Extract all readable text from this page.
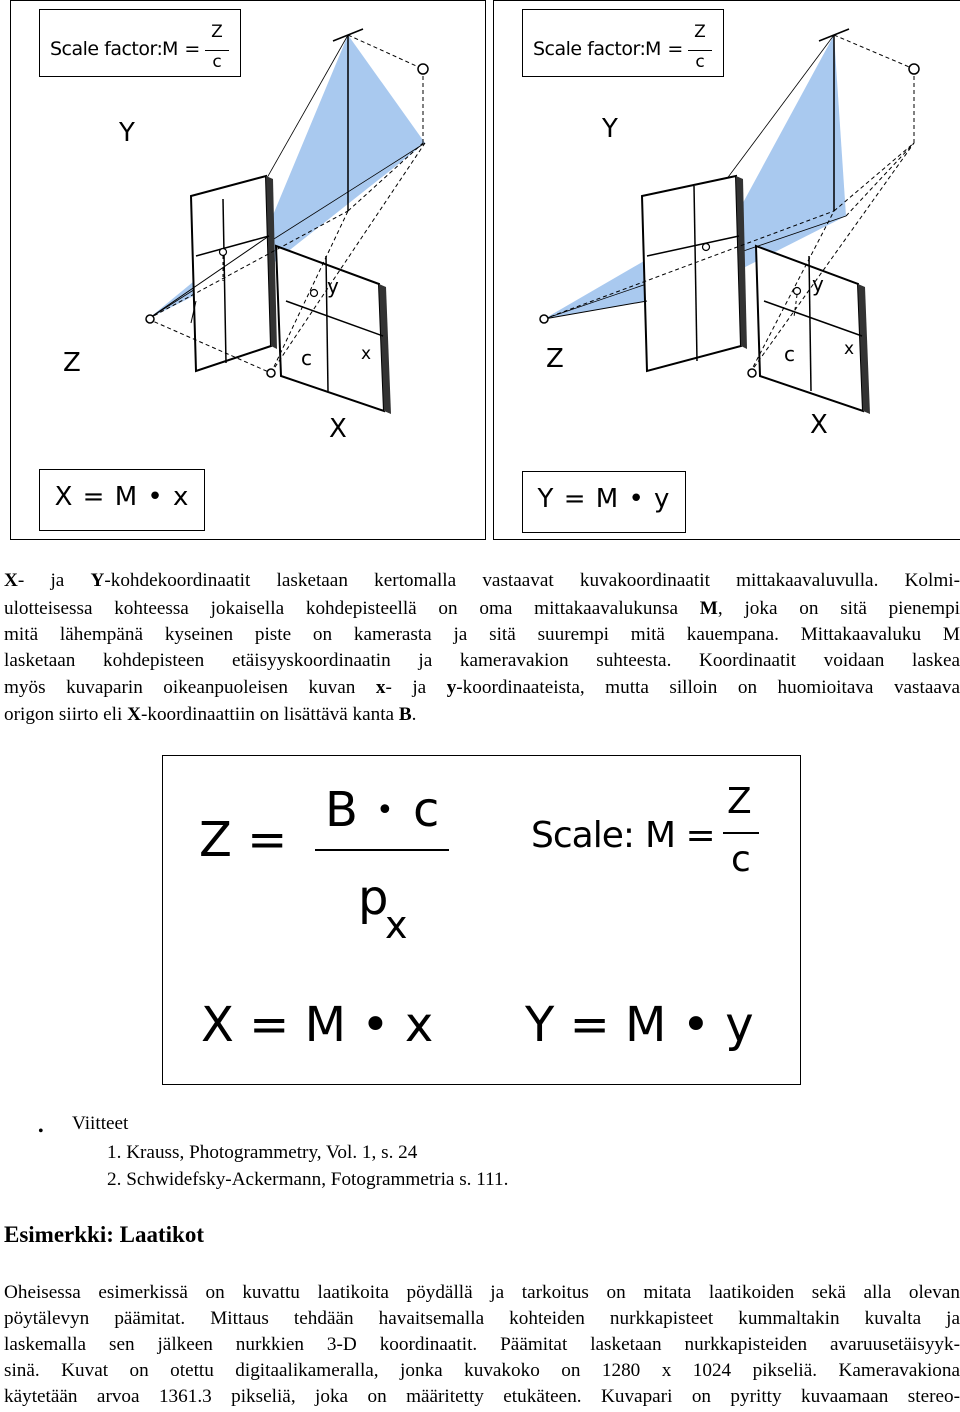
Scale factor: M =
Z
c
Y
Z
X
y
c	x
X = M • x
Scale factor: M =
Z
c
Y
Z
X
y
c	x
Y = M • y

X- ja Y-kohdekoordinaatit lasketaan kertomalla vastaavat kuvakoordinaatit mittakaavaluvulla. Kolmi-

ulotteisessa kohteessa jokaisella kohdepisteellä on oma mittakaavalukunsa M, joka on sitä pienempi

mitä lähempänä kyseinen piste on kamerasta ja sitä suurempi mitä kauempana. Mittakaavaluku M

lasketaan kohdepisteen etäisyyskoordinaatin ja kameravakion suhteesta. Koordinaatit voidaan laskea

myös kuvaparin oikeanpuoleisen kuvan x- ja y-koordinaateista, mutta silloin on huomioitava vastaava

origon siirto eli X-koordinaattiin on lisättävä kanta B.

Z =
B • c
p
x
Scale: M =
Z
c
X = M • x Y = M • y
• Viitteet
1. Krauss, Photogrammetry, Vol. 1, s. 24
2. Schwidefsky-Ackermann, Fotogrammetria s. 111.
Esimerkki: Laatikot

Oheisessa esimerkissä on kuvattu laatikoita pöydällä ja tarkoitus on mitata laatikoiden sekä alla olevan

pöytälevyn päämitat. Mittaus tehdään havaitsemalla kohteiden nurkkapisteet kummaltakin kuvalta ja

laskemalla sen jälkeen nurkkien 3-D koordinaatit. Päämitat lasketaan nurkkapisteiden avaruusetäisyyk-

sinä. Kuvat on otettu digitaalikameralla, jonka kuvakoko on 1280 x 1024 pikseliä. Kameravakiona

käytetään arvoa 1361.3 pikseliä, joka on määritetty etukäteen. Kuvapari on pyritty kuvaamaan stereo-
